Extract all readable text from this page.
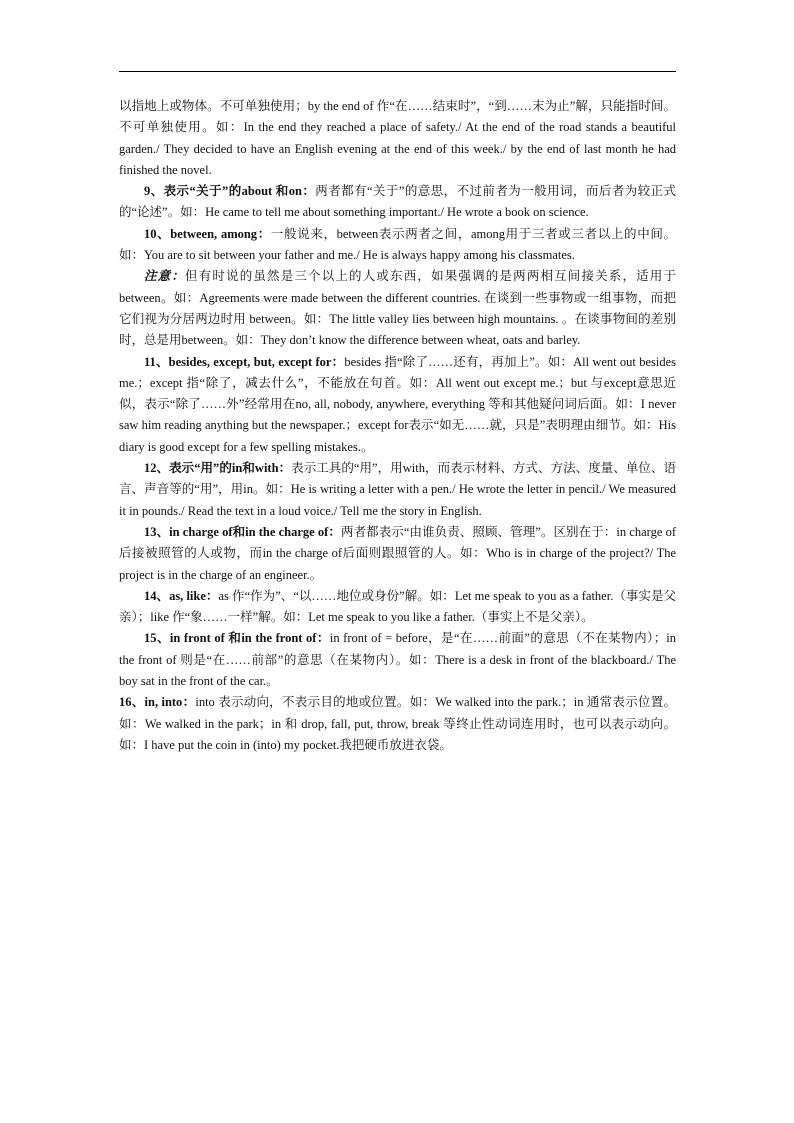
以指地上或物体。不可单独使用；by the end of 作“在……结束时”，“到……末为止”解，只能指时间。不可单独使用。如：In the end they reached a place of safety./ At the end of the road stands a beautiful garden./ They decided to have an English evening at the end of this week./ by the end of last month he had finished the novel.

9、表示“关于”的about 和on：两者都有“关于”的意思，不过前者为一般用词，而后者为较正式的“论述”。如：He came to tell me about something important./ He wrote a book on science.

10、between, among：一般说来，between表示两者之间，among用于三者或三者以上的中间。如：You are to sit between your father and me./ He is always happy among his classmates.

注意：但有时说的虽然是三个以上的人或东西，如果强调的是两两相互间接关系，适用于 between。如：Agreements were made between the different countries. 在谈到一些事物或一组事物，而把它们视为分居两边时用 between。如：The little valley lies between high mountains. 。在谈事物间的差别时，总是用between。如：They don’t know the difference between wheat, oats and barley.

11、besides, except, but, except for：besides 指“除了……还有，再加上”。如：All went out besides me.；except 指“除了，减去什么”，不能放在句首。如：All went out except me.；but 与except意思近似，表示“除了……外”经常用在no, all, nobody, anywhere, everything 等和其他疑问词后面。如：I never saw him reading anything but the newspaper.；except for表示“如无……就，只是”表明理由细节。如：His diary is good except for a few spelling mistakes.。

12、表示“用”的in和with：表示工具的“用”，用with，而表示材料、方式、方法、度量、单位、语言、声音等的“用”，用in。如：He is writing a letter with a pen./ He wrote the letter in pencil./ We measured it in pounds./ Read the text in a loud voice./ Tell me the story in English.

13、in charge of和in the charge of：两者都表示“由谁负责、照顾、管理”。区别在于：in charge of后接被照管的人或物，而in the charge of后面则跟照管的人。如：Who is in charge of the project?/ The project is in the charge of an engineer.。

14、as, like：as 作“作为”、“以……地位或身份”解。如：Let me speak to you as a father.（事实是父亲）；like 作“象……一样”解。如：Let me speak to you like a father.（事实上不是父亲）。

15、in front of 和in the front of：in front of = before，是“在……前面”的意思（不在某物内）；in the front of 则是“在……前部”的意思（在某物内）。如：There is a desk in front of the blackboard./ The boy sat in the front of the car.。

16、in, into：into 表示动向，不表示目的地或位置。如：We walked into the park.；in 通常表示位置。如：We walked in the park；in 和 drop, fall, put, throw, break 等终止性动词连用时，也可以表示动向。如：I have put the coin in (into) my pocket.我把硬币放进衣袋。
